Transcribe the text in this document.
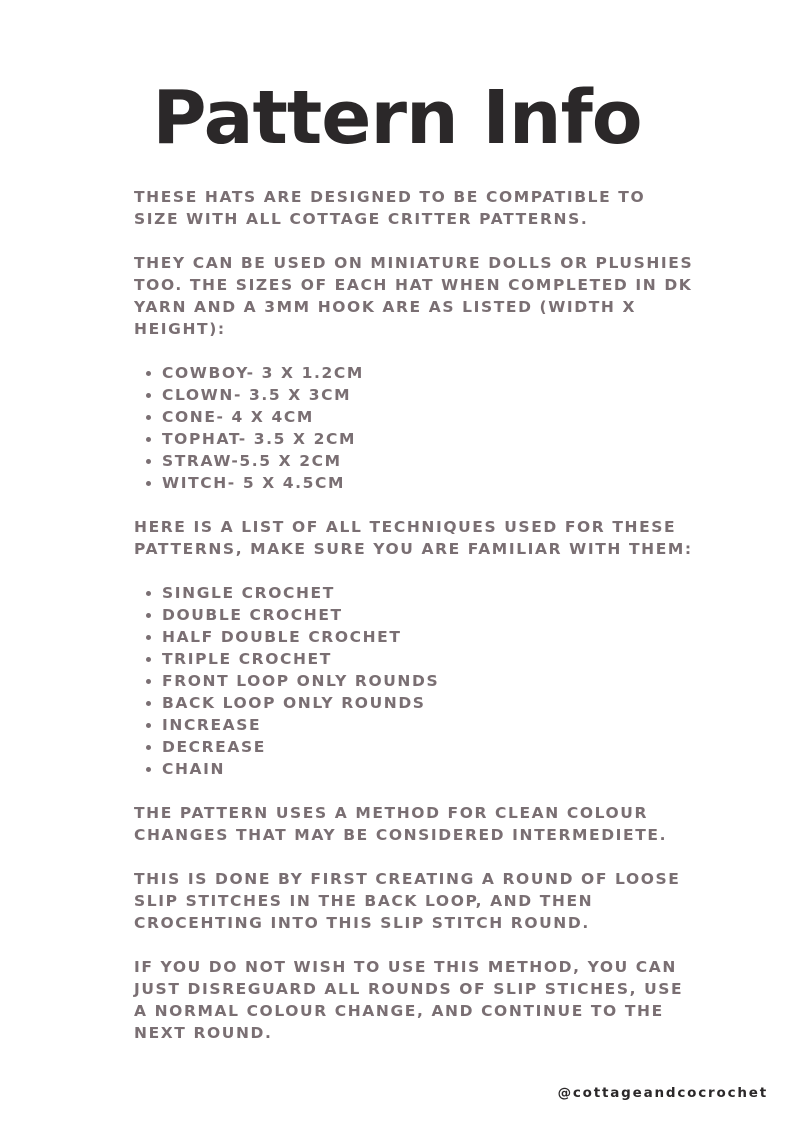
Pattern Info

THESE HATS ARE DESIGNED TO BE COMPATIBLE TO SIZE WITH ALL COTTAGE CRITTER PATTERNS.

THEY CAN BE USED ON MINIATURE DOLLS OR PLUSHIES TOO. THE SIZES OF EACH HAT WHEN COMPLETED IN DK YARN AND A 3MM HOOK ARE AS LISTED (WIDTH X HEIGHT):

COWBOY- 3 X 1.2CM
CLOWN- 3.5 X 3CM
CONE- 4 X 4CM
TOPHAT- 3.5 X 2CM
STRAW-5.5 X 2CM
WITCH- 5 X 4.5CM

HERE IS A LIST OF ALL TECHNIQUES USED FOR THESE PATTERNS, MAKE SURE YOU ARE FAMILIAR WITH THEM:

SINGLE CROCHET
DOUBLE CROCHET
HALF DOUBLE CROCHET
TRIPLE CROCHET
FRONT LOOP ONLY ROUNDS
BACK LOOP ONLY ROUNDS
INCREASE
DECREASE
CHAIN

THE PATTERN USES A METHOD FOR CLEAN COLOUR CHANGES THAT MAY BE CONSIDERED INTERMEDIETE.

THIS IS DONE BY FIRST CREATING A ROUND OF LOOSE SLIP STITCHES IN THE BACK LOOP, AND THEN CROCEHTING INTO THIS SLIP STITCH ROUND.

IF YOU DO NOT WISH TO USE THIS METHOD, YOU CAN JUST DISREGUARD ALL ROUNDS OF SLIP STICHES, USE A NORMAL COLOUR CHANGE, AND CONTINUE TO THE NEXT ROUND.

@cottageandcocrochet
